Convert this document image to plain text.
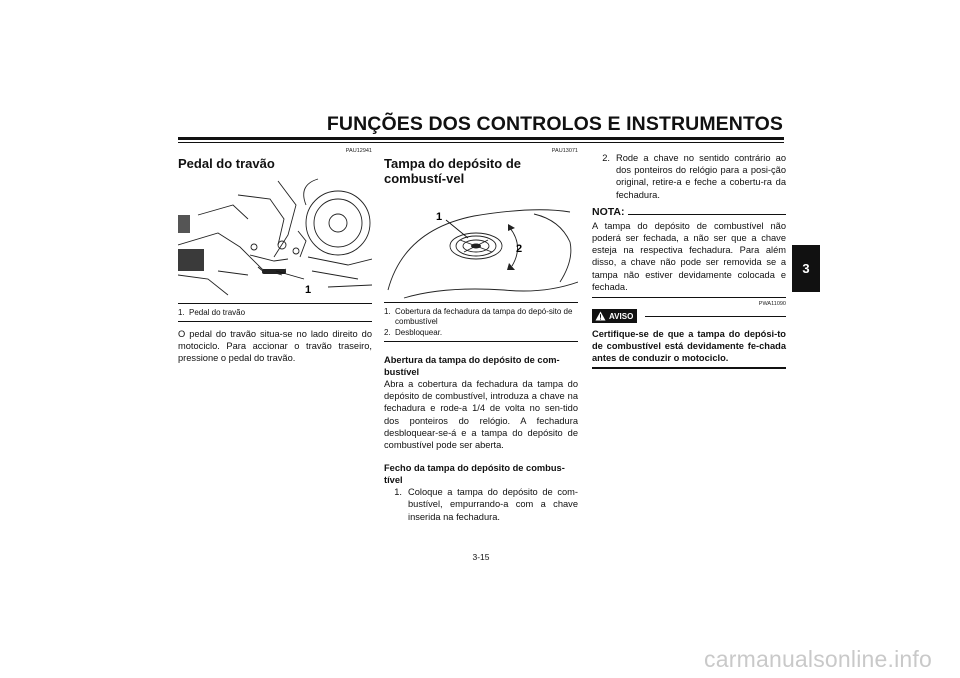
FUNÇÕES DOS CONTROLOS E INSTRUMENTOS
3
PAU12941
Pedal do travão
1
1. Pedal do travão

O pedal do travão situa-se no lado direito do motociclo. Para accionar o travão traseiro, pressione o pedal do travão.

PAU13071
Tampa do depósito de combustí-vel
1
2
1. Cobertura da fechadura da tampa do depó-sito de combustível
2. Desbloquear.
Abertura da tampa do depósito de com-bustível

Abra a cobertura da fechadura da tampa do depósito de combustível, introduza a chave na fechadura e rode-a 1/4 de volta no sen-tido dos ponteiros do relógio. A fechadura desbloquear-se-á e a tampa do depósito de combustível pode ser aberta.

Fecho da tampa do depósito de combus-tível
1. Coloque a tampa do depósito de com-bustível, empurrando-a com a chave inserida na fechadura.
2. Rode a chave no sentido contrário ao dos ponteiros do relógio para a posi-ção original, retire-a e feche a cobertu-ra da fechadura.
NOTA:

A tampa do depósito de combustível não poderá ser fechada, a não ser que a chave esteja na respectiva fechadura. Para além disso, a chave não pode ser removida se a tampa não estiver devidamente colocada e fechada.

PWA11090
AVISO
Certifique-se de que a tampa do depósi-to de combustível está devidamente fe-chada antes de conduzir o motociclo.
3-15
carmanualsonline.info
